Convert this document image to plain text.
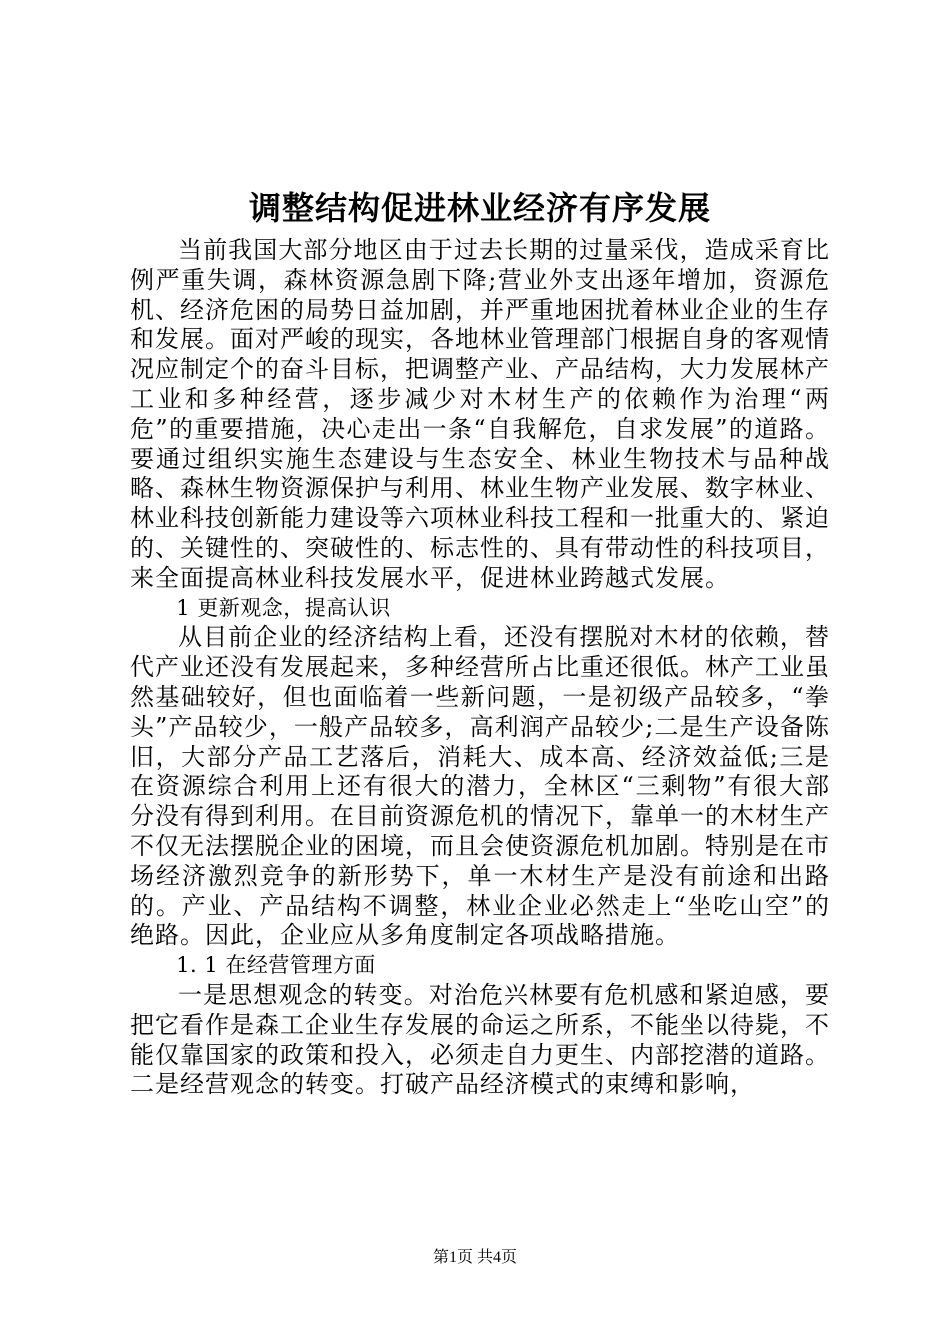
调整结构促进林业经济有序发展

当前我国大部分地区由于过去长期的过量采伐，造成采育比例严重失调，森林资源急剧下降;营业外支出逐年增加，资源危机、经济危困的局势日益加剧，并严重地困扰着林业企业的生存和发展。面对严峻的现实，各地林业管理部门根据自身的客观情况应制定个的奋斗目标，把调整产业、产品结构，大力发展林产工业和多种经营，逐步减少对木材生产的依赖作为治理“两危”的重要措施，决心走出一条“自我解危，自求发展”的道路。要通过组织实施生态建设与生态安全、林业生物技术与品种战略、森林生物资源保护与利用、林业生物产业发展、数字林业、林业科技创新能力建设等六项林业科技工程和一批重大的、紧迫的、关键性的、突破性的、标志性的、具有带动性的科技项目，来全面提高林业科技发展水平，促进林业跨越式发展。

1 更新观念，提高认识

从目前企业的经济结构上看，还没有摆脱对木材的依赖，替代产业还没有发展起来，多种经营所占比重还很低。林产工业虽然基础较好，但也面临着一些新问题，一是初级产品较多，“拳头”产品较少，一般产品较多，高利润产品较少;二是生产设备陈旧，大部分产品工艺落后，消耗大、成本高、经济效益低;三是在资源综合利用上还有很大的潜力，全林区“三剩物”有很大部分没有得到利用。在目前资源危机的情况下，靠单一的木材生产不仅无法摆脱企业的困境，而且会使资源危机加剧。特别是在市场经济激烈竞争的新形势下，单一木材生产是没有前途和出路的。产业、产品结构不调整，林业企业必然走上“坐吃山空”的绝路。因此，企业应从多角度制定各项战略措施。

1. 1 在经营管理方面

一是思想观念的转变。对治危兴林要有危机感和紧迫感，要把它看作是森工企业生存发展的命运之所系，不能坐以待毙，不能仅靠国家的政策和投入，必须走自力更生、内部挖潜的道路。二是经营观念的转变。打破产品经济模式的束缚和影响，

第1页 共4页
